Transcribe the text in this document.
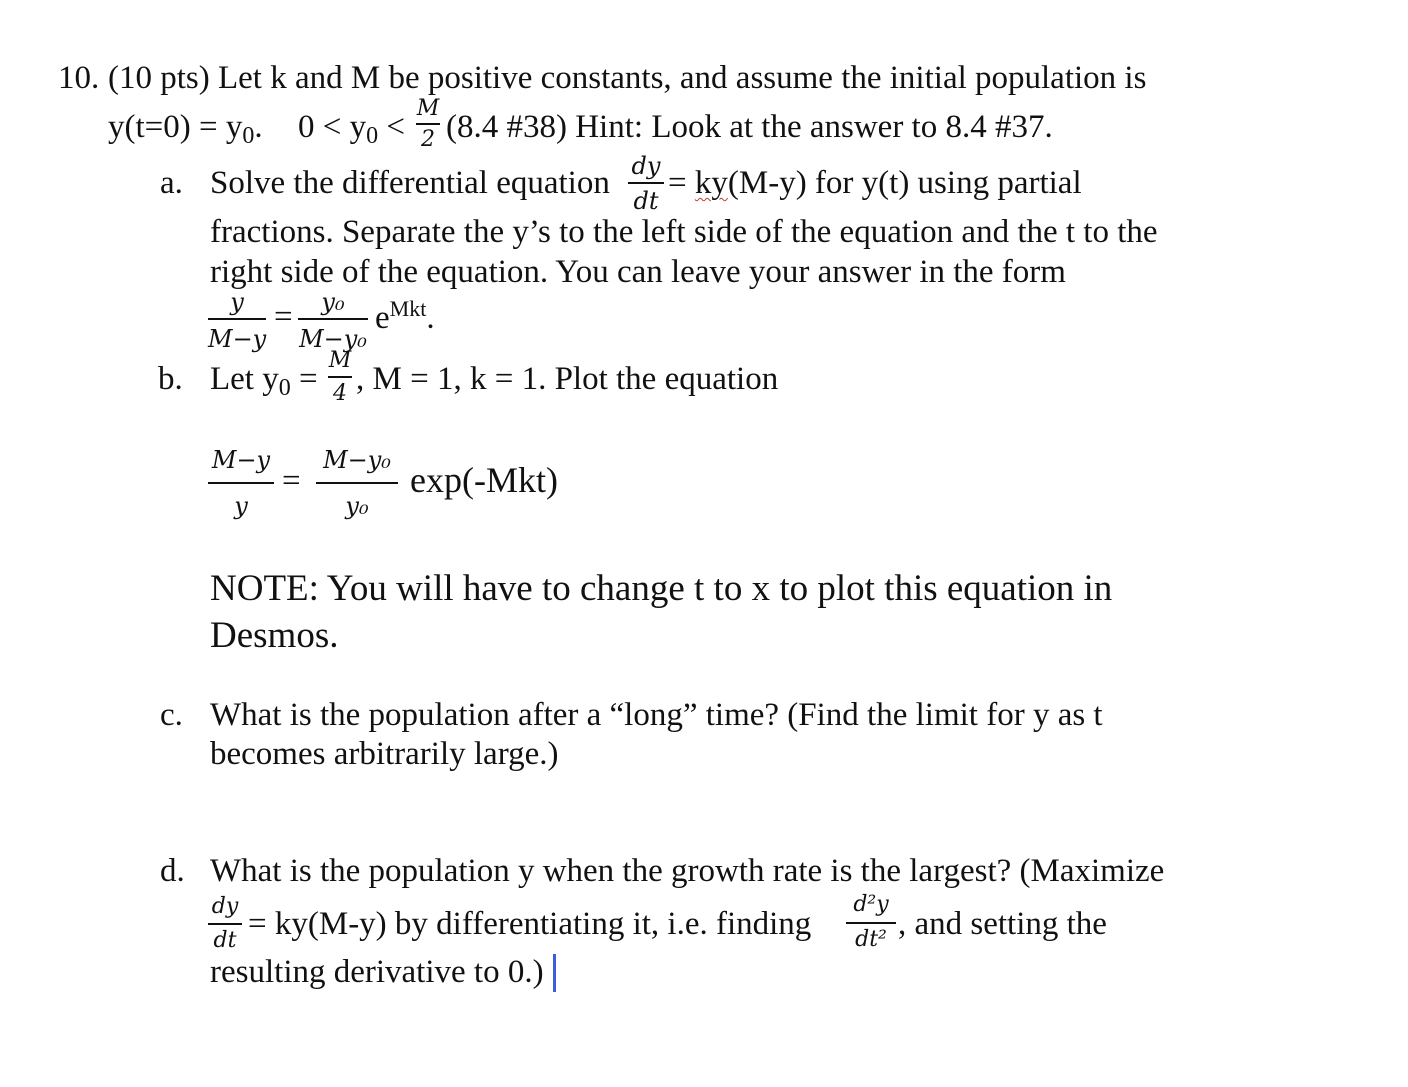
10. (10 pts) Let k and M be positive constants, and assume the initial population is
y(t=0) = y0. 0 < y0 <
M
2 (8.4 #38) Hint: Look at the answer to 8.4 #37.
a. Solve the differential equation dy
dt = ky(M-y) for y(t) using partial
fractions. Separate the y’s to the left side of the equation and the t to the
right side of the equation. You can leave your answer in the form
y
M−y
=	y₀
M−y₀
$e^{Mkt}$.
b. Let y0 =
M
4 , M = 1, k = 1. Plot the equation
M−y
y
=
M−y₀
y₀
exp(-Mkt)
NOTE: You will have to change t to x to plot this equation in
Desmos.
c. What is the population after a “long” time? (Find the limit for y as t
becomes arbitrarily large.)
d. What is the population y when the growth rate is the largest? (Maximize
dy
dt = ky(M-y) by differentiating it, i.e. finding
d²y
dt² , and setting the
resulting derivative to 0.)
